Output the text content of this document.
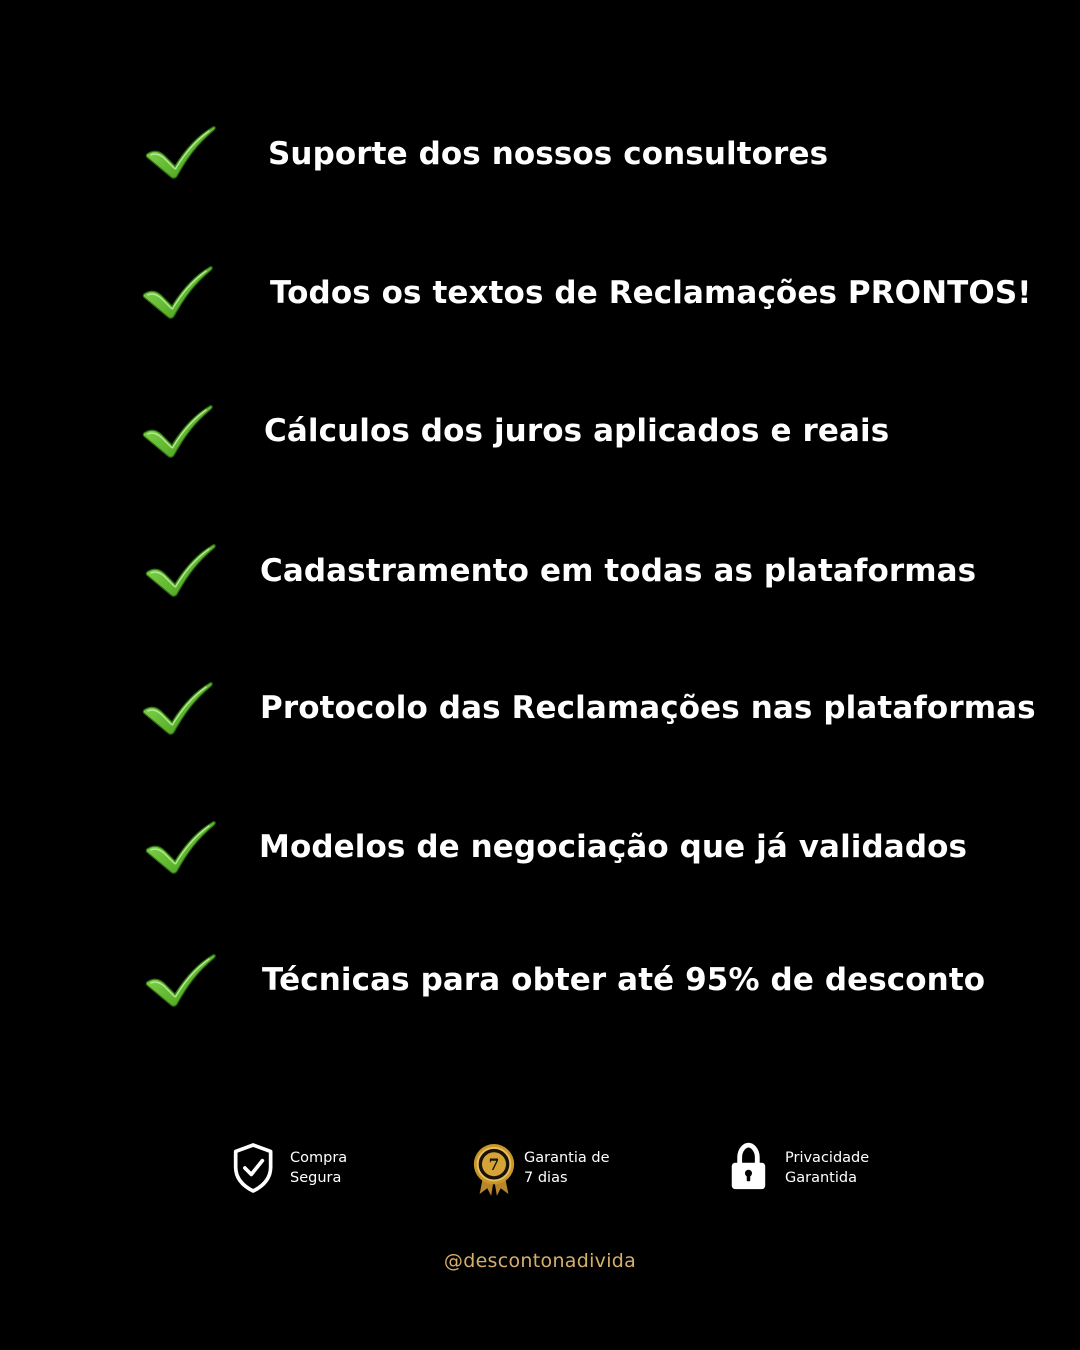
Suporte dos nossos consultores
Todos os textos de Reclamações PRONTOS!
Cálculos dos juros aplicados e reais
Cadastramento em todas as plataformas
Protocolo das Reclamações nas plataformas
Modelos de negociação que já validados
Técnicas para obter até 95% de desconto
Compra
Segura
7 Garantia de
7 dias
Privacidade
Garantida
@descontonadivida
